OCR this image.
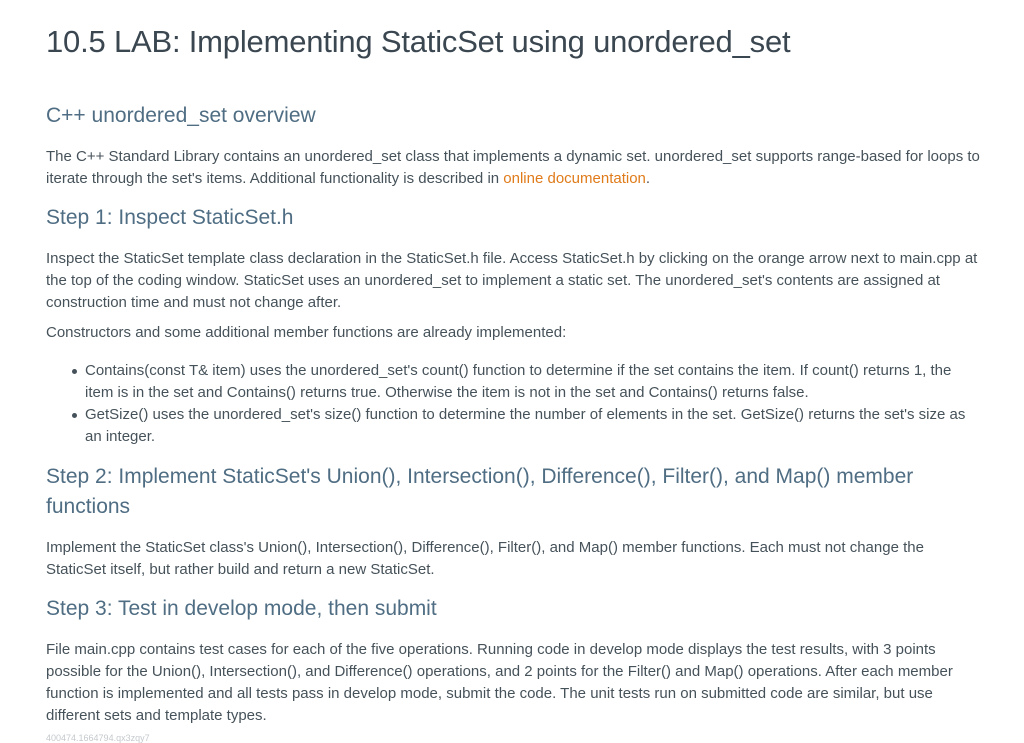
10.5 LAB: Implementing StaticSet using unordered_set
C++ unordered_set overview

The C++ Standard Library contains an unordered_set class that implements a dynamic set. unordered_set supports range-based for loops to iterate through the set's items. Additional functionality is described in online documentation.

Step 1: Inspect StaticSet.h

Inspect the StaticSet template class declaration in the StaticSet.h file. Access StaticSet.h by clicking on the orange arrow next to main.cpp at the top of the coding window. StaticSet uses an unordered_set to implement a static set. The unordered_set's contents are assigned at construction time and must not change after.

Constructors and some additional member functions are already implemented:

Contains(const T& item) uses the unordered_set's count() function to determine if the set contains the item. If count() returns 1, the item is in the set and Contains() returns true. Otherwise the item is not in the set and Contains() returns false.
GetSize() uses the unordered_set's size() function to determine the number of elements in the set. GetSize() returns the set's size as an integer.
Step 2: Implement StaticSet's Union(), Intersection(), Difference(), Filter(), and Map() member functions

Implement the StaticSet class's Union(), Intersection(), Difference(), Filter(), and Map() member functions. Each must not change the StaticSet itself, but rather build and return a new StaticSet.

Step 3: Test in develop mode, then submit

File main.cpp contains test cases for each of the five operations. Running code in develop mode displays the test results, with 3 points possible for the Union(), Intersection(), and Difference() operations, and 2 points for the Filter() and Map() operations. After each member function is implemented and all tests pass in develop mode, submit the code. The unit tests run on submitted code are similar, but use different sets and template types.

400474.1664794.qx3zqy7
